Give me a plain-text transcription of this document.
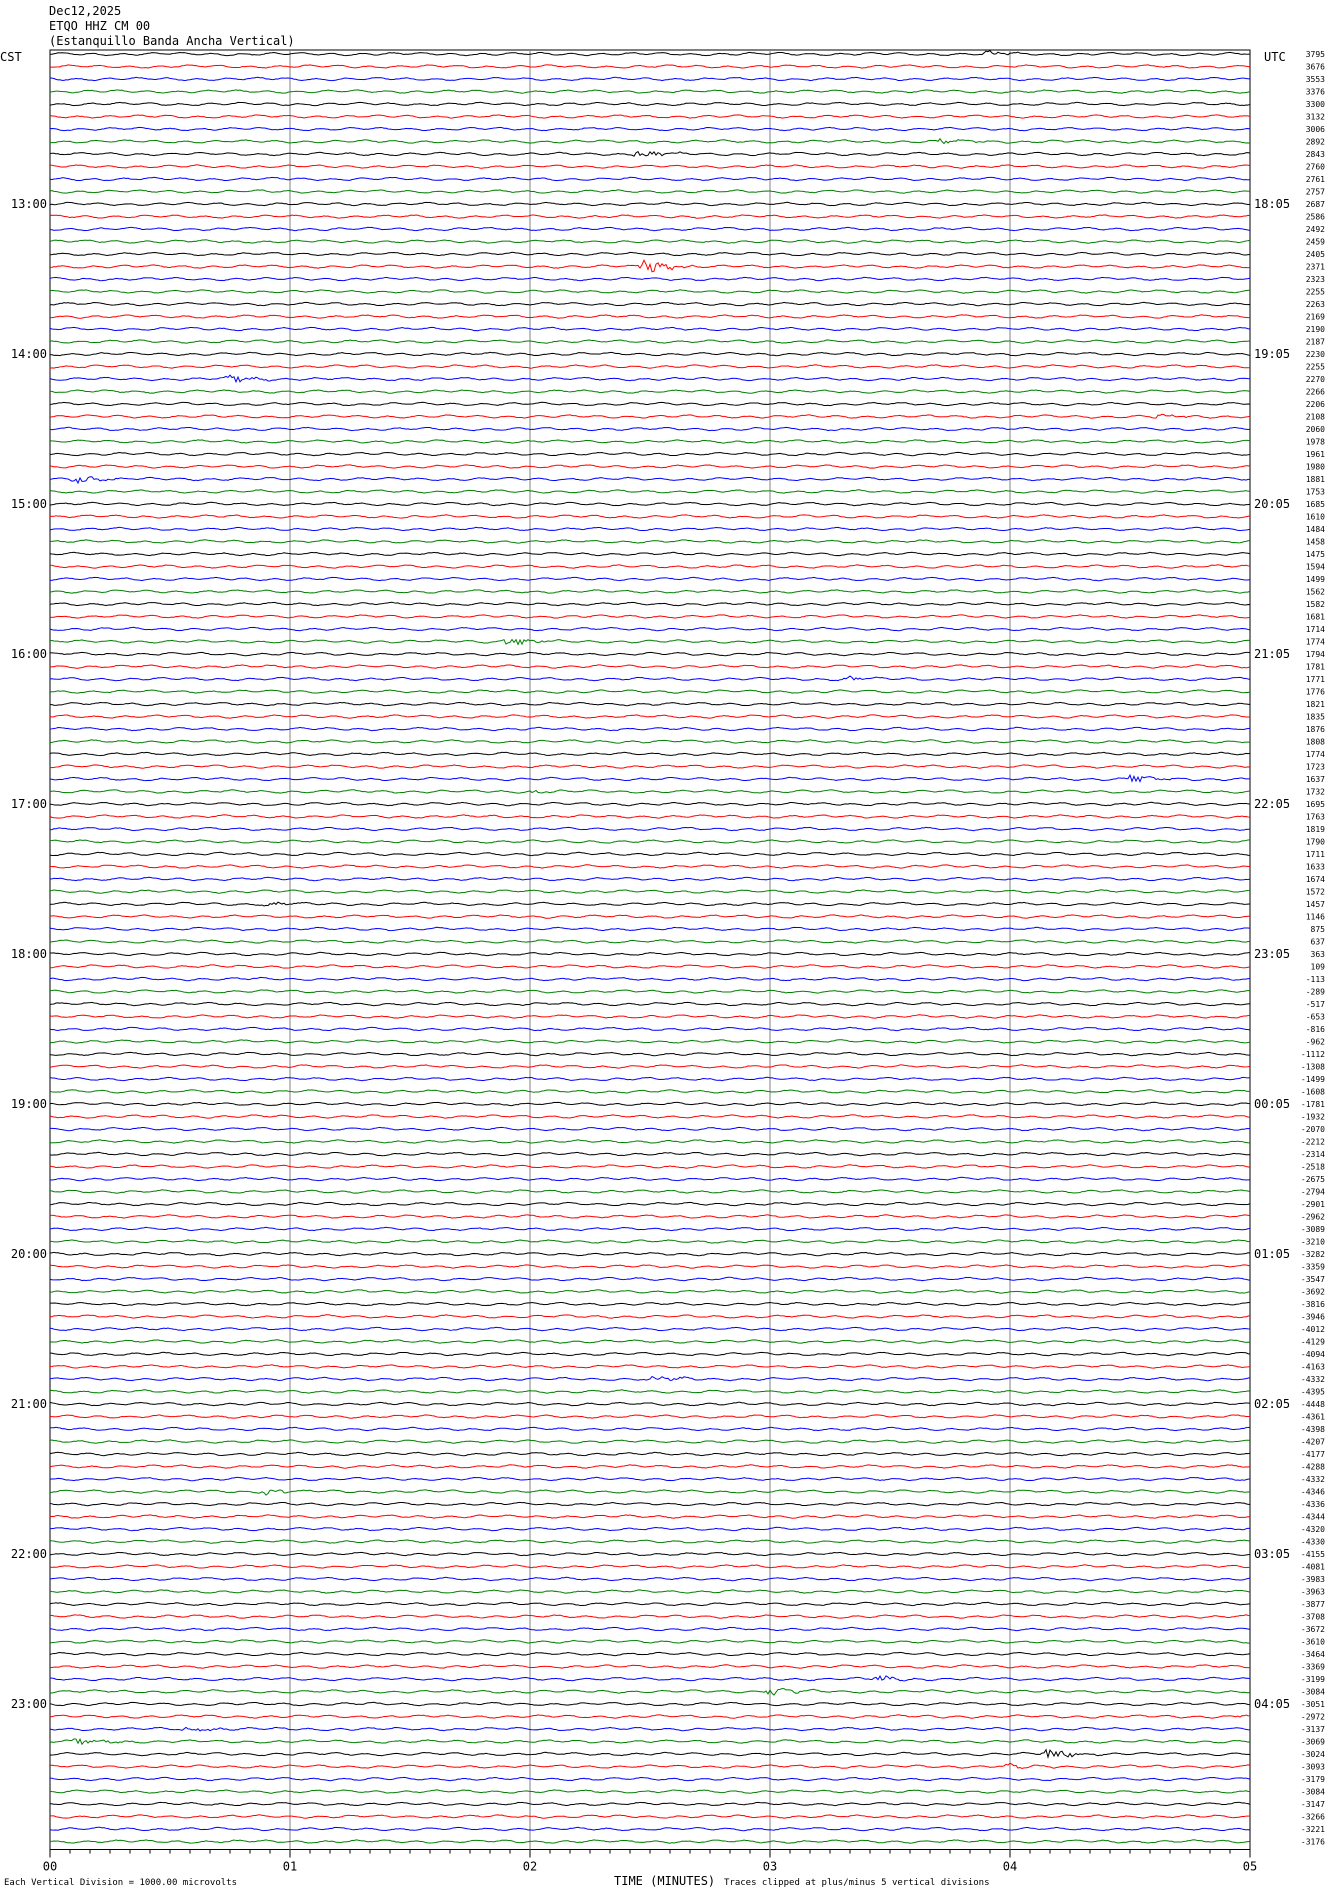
Dec12,2025
ETQO HHZ CM 00
(Estanquillo Banda Ancha Vertical)
CST	UTC	3795
3676
3553
3376
3300
3132
3006
2892
2843
2760
2761
2757
2687
2586
2492
2459
2405
2371
2323
2255
2263
2169
2190
2187
2230
2255
2270
2266
2206
2108
2060
1978
1961
1980
1881
1753
1685
1610
1484
1458
1475
1594
1499
1562
1582
1681
1714
1774
1794
1781
1771
1776
1821
1835
1876
1808
1774
1723
1637
1732
1695
1763
1819
1790
1711
1633
1674
1572
1457
1146
875
637
363
109
-113
-289
-517
-653
-816
-962
-1112
-1308
-1499
-1608
-1781
-1932
-2070
-2212
-2314
-2518
-2675
-2794
-2901
-2962
-3089
-3210
-3282
-3359
-3547
-3692
-3816
-3946
-4012
-4129
-4094
-4163
-4332
-4395
-4448
-4361
-4398
-4207
-4177
-4288
-4332
-4346
-4336
-4344
-4320
-4330
-4155
-4081
-3983
-3963
-3877
-3708
-3672
-3610
-3464
-3369
-3199
-3084
-3051
-2972
-3137
-3069
-3024
-3093
-3179
-3084
-3147
-3266
-3221
-3176
13:00	18:05
14:00	19:05
15:00	20:05
16:00	21:05
17:00	22:05
18:00	23:05
19:00	00:05
20:00	01:05
21:00	02:05
22:00	03:05
23:00	04:05
00	01	02	03	04	05
Each Vertical Division = 1000.00 microvolts	TIME (MINUTES) Traces clipped at plus/minus 5 vertical divisions
